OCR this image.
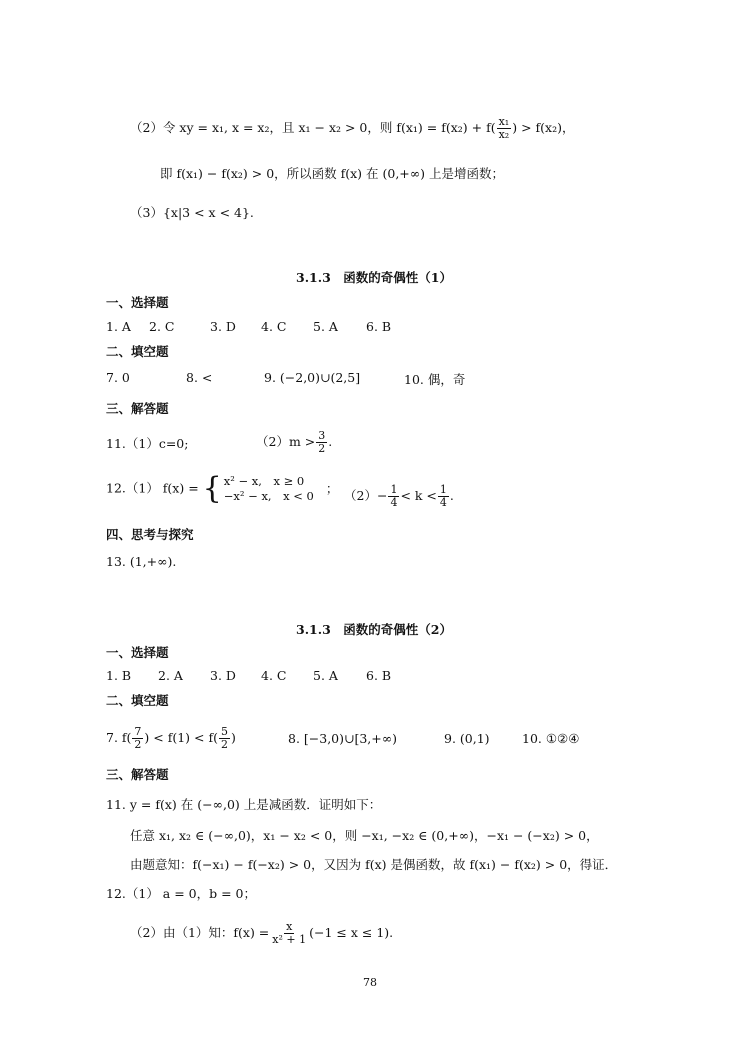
（2）令 xy = x₁, x = x₂，且 x₁ − x₂ > 0，则 $f(x_1) = f(x_2) + f( \frac{\text{x₁}}{\text{x₂}}$ ) > f(x₂)，
即 f(x₁) − f(x₂) > 0，所以函数 f(x) 在 (0,+∞) 上是增函数；
（3）{x|3 < x < 4}.
3.1.3　函数的奇偶性（1）
一、选择题
1. A 2. C	3. D 4. C 5. A 6. B
二、填空题
7. 0	8. <	9. (−2,0)∪(2,5]	10. 偶，奇
三、解答题
11.（1）c=0;	$(2)m > \frac{3}{2}$ .
12.（1） f(x) = { x² − x,　x ≥ 0
−x² − x,　x < 0
； $(2)- \frac{1}{4} < k < \frac{1}{4}$ .
四、思考与探究
13. (1,+∞).
3.1.3　函数的奇偶性（2）
一、选择题
1. B 2. A 3. D 4. C 5. A 6. B
二、填空题
7. $f( \frac{7}{2}$ ) < $f(1) < f( \frac{5}{2}$ )	8. [−3,0)∪[3,+∞)	9. (0,1)	10. ①②④
三、解答题
11. y = f(x) 在 (−∞,0) 上是减函数．证明如下：
任意 x₁, x₂ ∈ (−∞,0)，x₁ − x₂ < 0，则 −x₁, −x₂ ∈ (0,+∞)，−x₁ − (−x₂) > 0，
由题意知：f(−x₁) − f(−x₂) > 0，又因为 f(x) 是偶函数，故 f(x₁) − f(x₂) > 0，得证．
12.（1） a = 0，b = 0；
（2）由（1）知：$f(x) = \frac{x}{\text{x² + 1}} (-1 \le x \le 1)$.
78
